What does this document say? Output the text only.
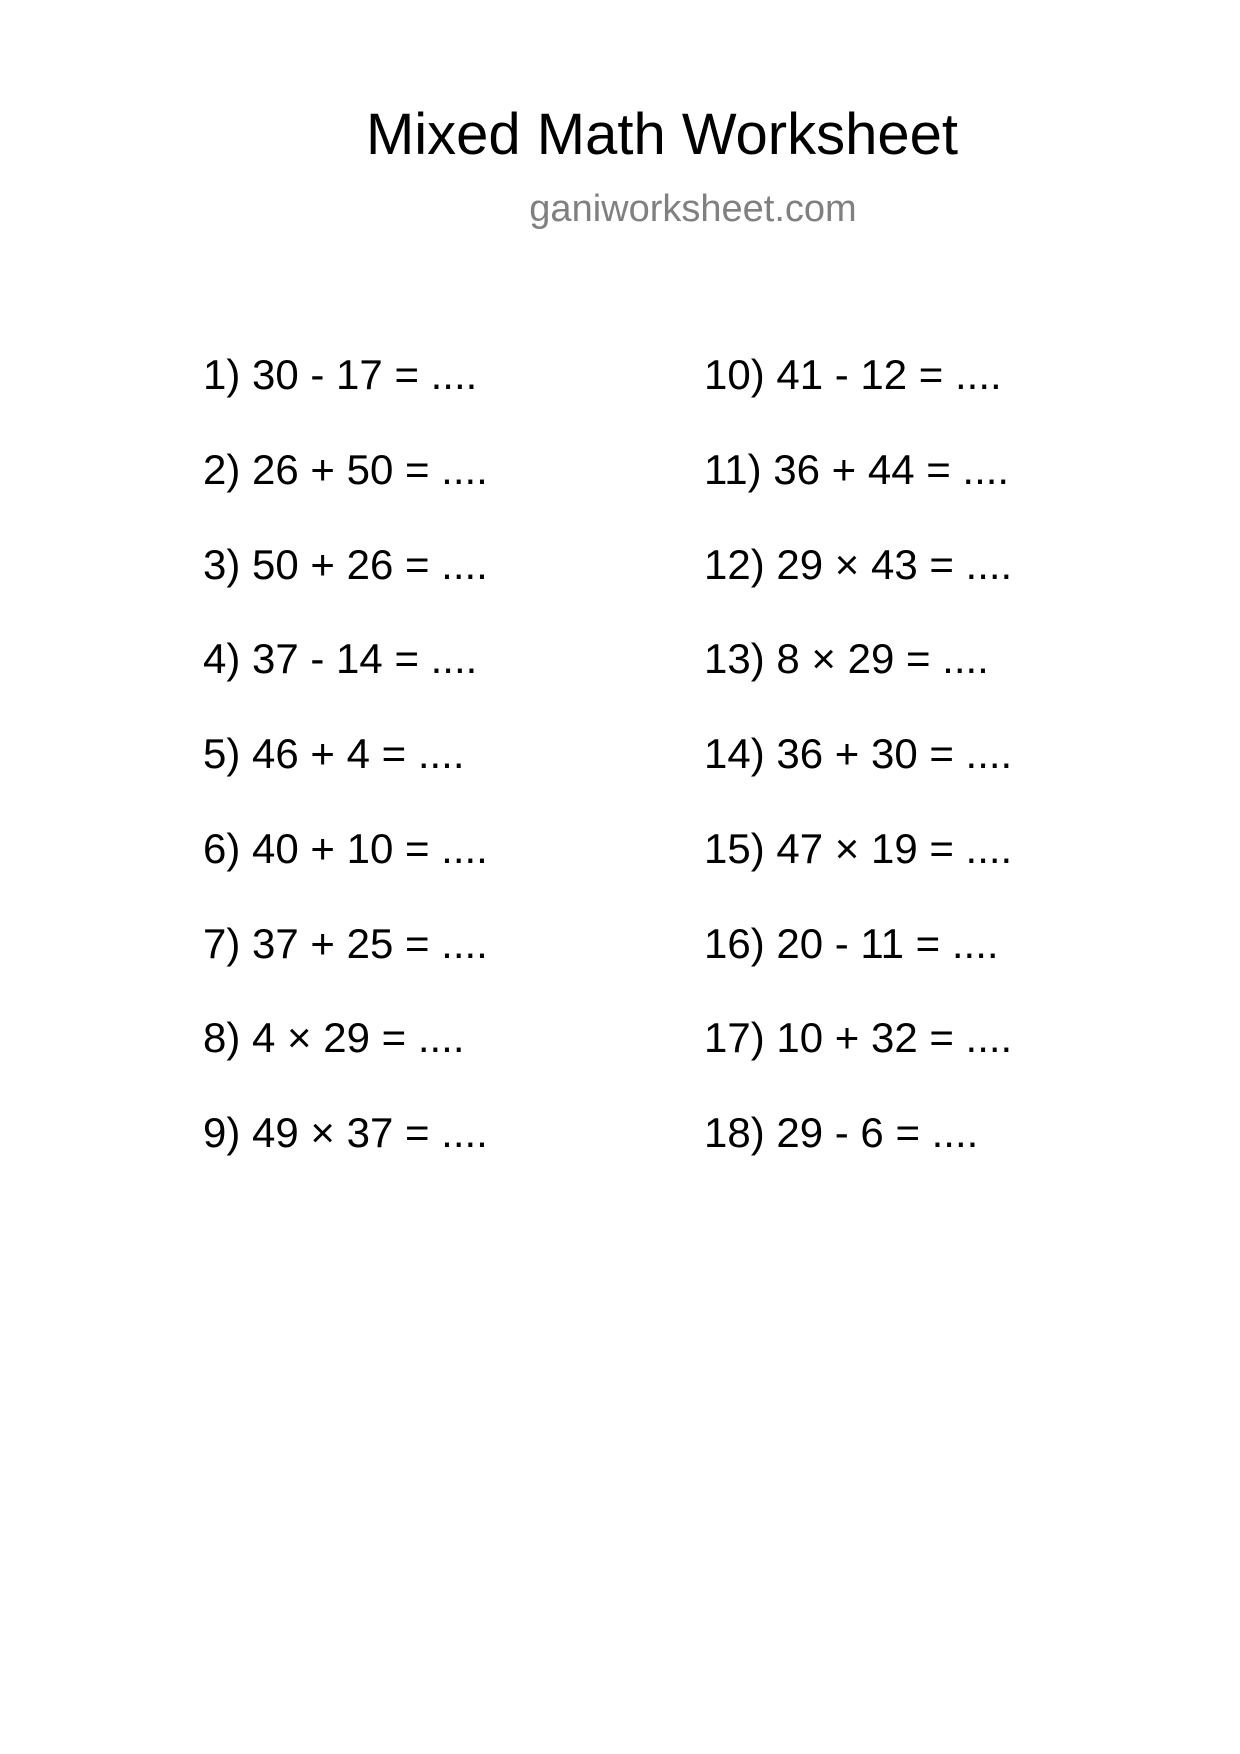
Mixed Math Worksheet
ganiworksheet.com
1) 30 - 17 = ....
2) 26 + 50 = ....
3) 50 + 26 = ....
4) 37 - 14 = ....
5) 46 + 4 = ....
6) 40 + 10 = ....
7) 37 + 25 = ....
8) 4 × 29 = ....
9) 49 × 37 = ....
10) 41 - 12 = ....
11) 36 + 44 = ....
12) 29 × 43 = ....
13) 8 × 29 = ....
14) 36 + 30 = ....
15) 47 × 19 = ....
16) 20 - 11 = ....
17) 10 + 32 = ....
18) 29 - 6 = ....
